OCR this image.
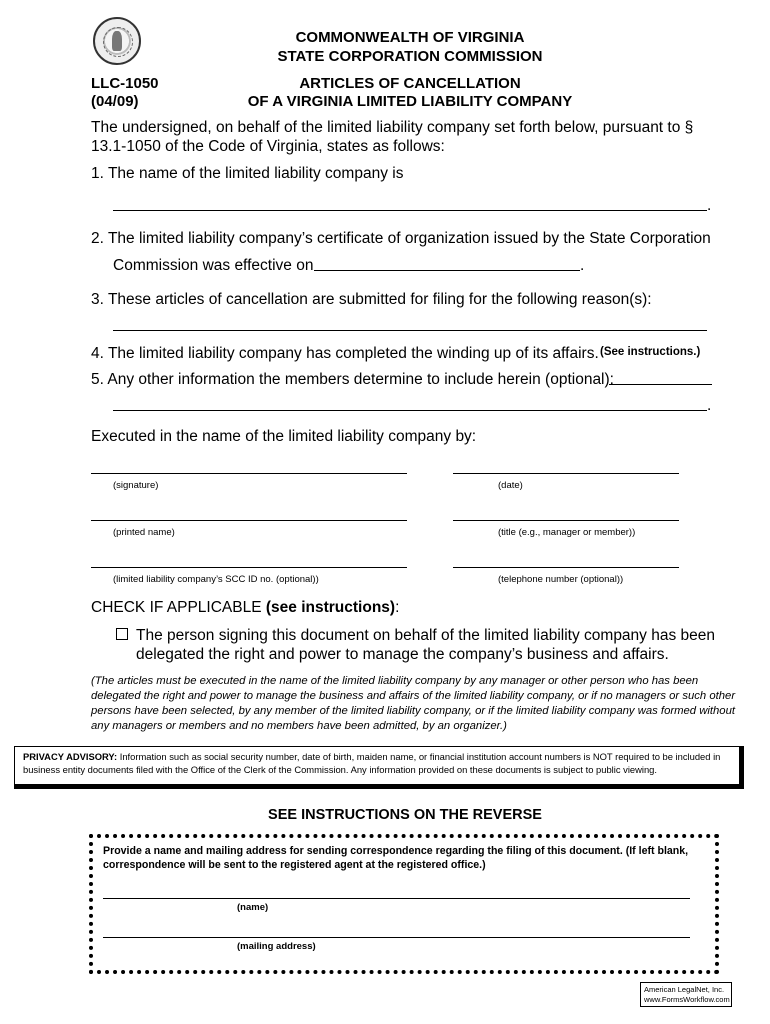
COMMONWEALTH OF VIRGINIA
STATE CORPORATION COMMISSION
LLC-1050
(04/09)
ARTICLES OF CANCELLATION
OF A VIRGINIA LIMITED LIABILITY COMPANY
The undersigned, on behalf of the limited liability company set forth below, pursuant to § 13.1-1050 of the Code of Virginia, states as follows:
1. The name of the limited liability company is
.
2. The limited liability company’s certificate of organization issued by the State Corporation
Commission was effective on	.
3. These articles of cancellation are submitted for filing for the following reason(s):
4. The limited liability company has completed the winding up of its affairs. (See instructions.)
5. Any other information the members determine to include herein (optional):
.
Executed in the name of the limited liability company by:
(signature)	(date)
(printed name)	(title (e.g., manager or member))
(limited liability company’s SCC ID no. (optional))	(telephone number (optional))
CHECK IF APPLICABLE (see instructions):
The person signing this document on behalf of the limited liability company has been
delegated the right and power to manage the company’s business and affairs.
(The articles must be executed in the name of the limited liability company by any manager or other person who has been delegated the right and power to manage the business and affairs of the limited liability company, or if no managers or such other persons have been selected, by any member of the limited liability company, or if the limited liability company was formed without any managers or members and no members have been admitted, by an organizer.)
PRIVACY ADVISORY: Information such as social security number, date of birth, maiden name, or financial institution account numbers is NOT required to be included in business entity documents filed with the Office of the Clerk of the Commission. Any information provided on these documents is subject to public viewing.
SEE INSTRUCTIONS ON THE REVERSE
Provide a name and mailing address for sending correspondence regarding the filing of this document. (If left blank, correspondence will be sent to the registered agent at the registered office.)
(name)
(mailing address)
American LegalNet, Inc.
www.FormsWorkflow.com
